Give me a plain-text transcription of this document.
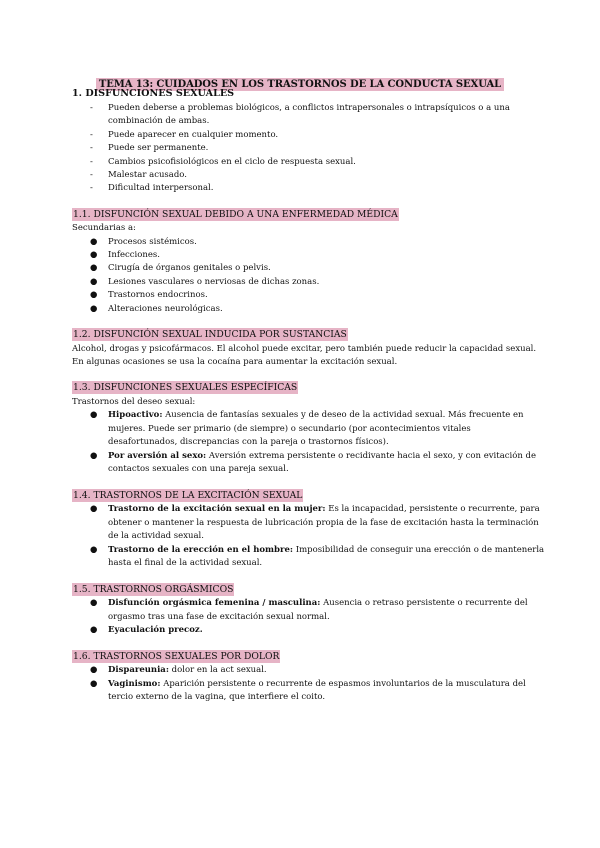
TEMA 13: CUIDADOS EN LOS TRASTORNOS DE LA CONDUCTA SEXUAL
1. DISFUNCIONES SEXUALES
- Pueden deberse a problemas biológicos, a conflictos intrapersonales o intrapsíquicos o a una
combinación de ambas.
- Puede aparecer en cualquier momento.
- Puede ser permanente.
- Cambios psicofisiológicos en el ciclo de respuesta sexual.
- Malestar acusado.
- Dificultad interpersonal.
1.1. DISFUNCIÓN SEXUAL DEBIDO A UNA ENFERMEDAD MÉDICA
Secundarias a:
● Procesos sistémicos.
● Infecciones.
● Cirugía de órganos genitales o pelvis.
● Lesiones vasculares o nerviosas de dichas zonas.
● Trastornos endocrinos.
● Alteraciones neurológicas.
1.2. DISFUNCIÓN SEXUAL INDUCIDA POR SUSTANCIAS
Alcohol, drogas y psicofármacos. El alcohol puede excitar, pero también puede reducir la capacidad sexual.
En algunas ocasiones se usa la cocaína para aumentar la excitación sexual.
1.3. DISFUNCIONES SEXUALES ESPECÍFICAS
Trastornos del deseo sexual:
● Hipoactivo: Ausencia de fantasías sexuales y de deseo de la actividad sexual. Más frecuente en
mujeres. Puede ser primario (de siempre) o secundario (por acontecimientos vitales
desafortunados, discrepancias con la pareja o trastornos físicos).
● Por aversión al sexo: Aversión extrema persistente o recidivante hacia el sexo, y con evitación de
contactos sexuales con una pareja sexual.
1.4. TRASTORNOS DE LA EXCITACIÓN SEXUAL
● Trastorno de la excitación sexual en la mujer: Es la incapacidad, persistente o recurrente, para
obtener o mantener la respuesta de lubricación propia de la fase de excitación hasta la terminación
de la actividad sexual.
● Trastorno de la erección en el hombre: Imposibilidad de conseguir una erección o de mantenerla
hasta el final de la actividad sexual.
1.5. TRASTORNOS ORGÁSMICOS
● Disfunción orgásmica femenina / masculina: Ausencia o retraso persistente o recurrente del
orgasmo tras una fase de excitación sexual normal.
● Eyaculación precoz.
1.6. TRASTORNOS SEXUALES POR DOLOR
● Dispareunia: dolor en la act sexual.
● Vaginismo: Aparición persistente o recurrente de espasmos involuntarios de la musculatura del
tercio externo de la vagina, que interfiere el coito.
